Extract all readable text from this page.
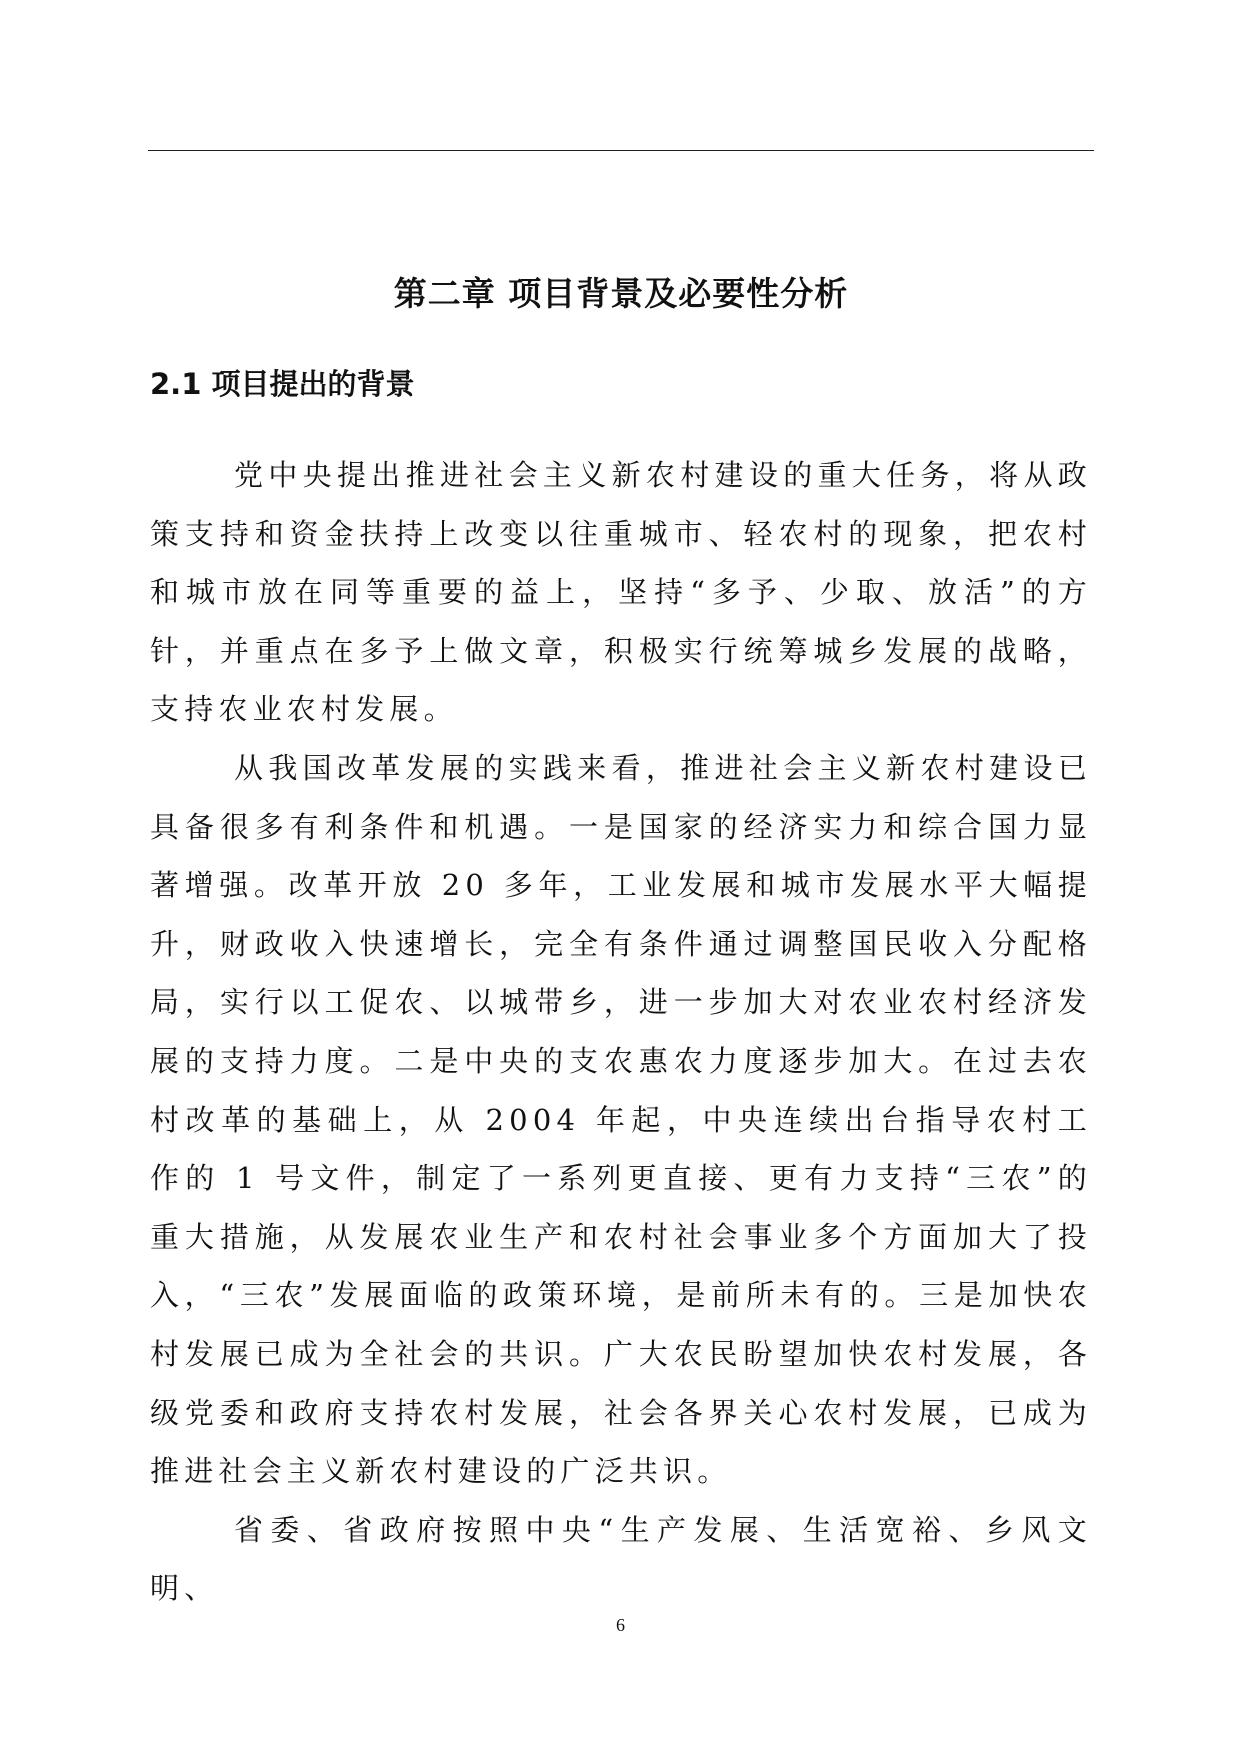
第二章 项目背景及必要性分析
2.1 项目提出的背景

党中央提出推进社会主义新农村建设的重大任务，将从政策支持和资金扶持上改变以往重城市、轻农村的现象，把农村和城市放在同等重要的益上，坚持“多予、少取、放活”的方针，并重点在多予上做文章，积极实行统筹城乡发展的战略，支持农业农村发展。

从我国改革发展的实践来看，推进社会主义新农村建设已具备很多有利条件和机遇。一是国家的经济实力和综合国力显著增强。改革开放 20 多年，工业发展和城市发展水平大幅提升，财政收入快速增长，完全有条件通过调整国民收入分配格局，实行以工促农、以城带乡，进一步加大对农业农村经济发展的支持力度。二是中央的支农惠农力度逐步加大。在过去农村改革的基础上，从 2004 年起，中央连续出台指导农村工作的 1 号文件，制定了一系列更直接、更有力支持“三农”的重大措施，从发展农业生产和农村社会事业多个方面加大了投入，“三农”发展面临的政策环境，是前所未有的。三是加快农村发展已成为全社会的共识。广大农民盼望加快农村发展，各级党委和政府支持农村发展，社会各界关心农村发展，已成为推进社会主义新农村建设的广泛共识。

省委、省政府按照中央“生产发展、生活宽裕、乡风文明、

6
